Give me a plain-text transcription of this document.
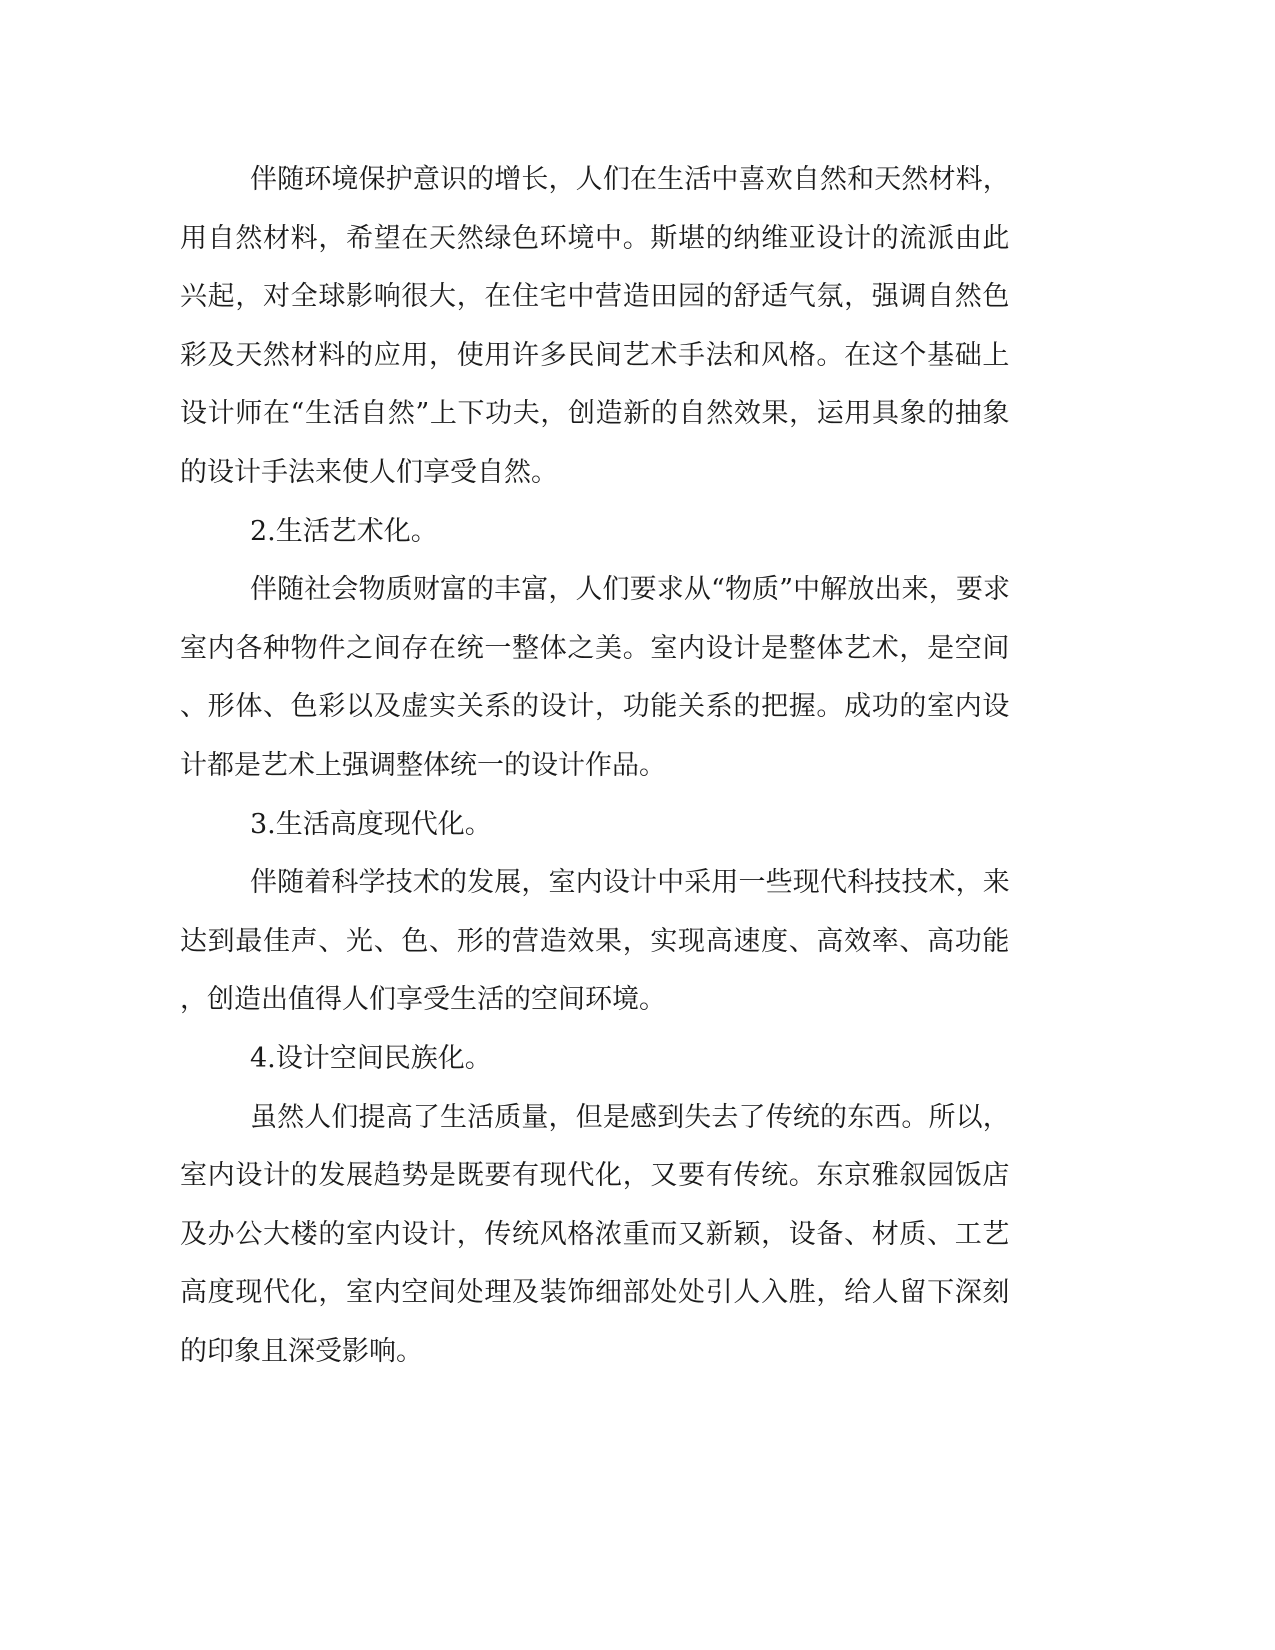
伴随环境保护意识的增长，人们在生活中喜欢自然和天然材料，
用自然材料，希望在天然绿色环境中。斯堪的纳维亚设计的流派由此
兴起，对全球影响很大，在住宅中营造田园的舒适气氛，强调自然色
彩及天然材料的应用，使用许多民间艺术手法和风格。在这个基础上
设计师在“生活自然”上下功夫，创造新的自然效果，运用具象的抽象
的设计手法来使人们享受自然。
2.生活艺术化。
伴随社会物质财富的丰富，人们要求从“物质”中解放出来，要求
室内各种物件之间存在统一整体之美。室内设计是整体艺术，是空间
、形体、色彩以及虚实关系的设计，功能关系的把握。成功的室内设
计都是艺术上强调整体统一的设计作品。
3.生活高度现代化。
伴随着科学技术的发展，室内设计中采用一些现代科技技术，来
达到最佳声、光、色、形的营造效果，实现高速度、高效率、高功能
，创造出值得人们享受生活的空间环境。
4.设计空间民族化。
虽然人们提高了生活质量，但是感到失去了传统的东西。所以，
室内设计的发展趋势是既要有现代化，又要有传统。东京雅叙园饭店
及办公大楼的室内设计，传统风格浓重而又新颖，设备、材质、工艺
高度现代化，室内空间处理及装饰细部处处引人入胜，给人留下深刻
的印象且深受影响。
